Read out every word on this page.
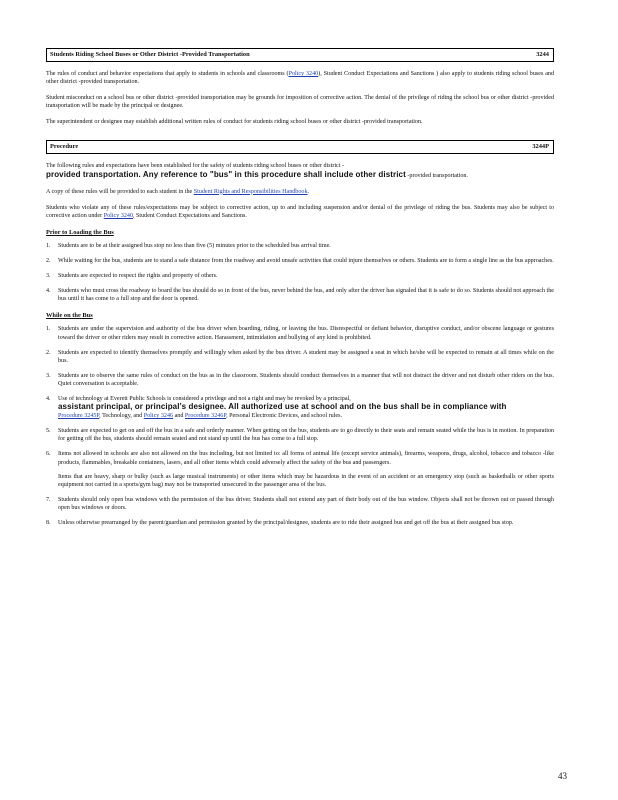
Students Riding School Buses or Other District -Provided Transportation	3244

The rules of conduct and behavior expectations that apply to students in schools and classrooms (Policy 3240), Student Conduct Expectations and Sanctions ) also apply to students riding school buses and other district -provided transportation.

Student misconduct on a school bus or other district -provided transportation may be grounds for imposition of corrective action. The denial of the privilege of riding the school bus or other district -provided transportation will be made by the principal or designee.

The superintendent or designee may establish additional written rules of conduct for students riding school buses or other district -provided transportation.

Procedure	3244P

The following rules and expectations have been established for the safety of students riding school buses or other district -
provided transportation. Any reference to "bus" in this procedure shall include other district -provided transportation.

A copy of these rules will be provided to each student in the Student Rights and Responsibilities Handbook.

Students who violate any of these rules/expectations may be subject to corrective action, up to and including suspension and/or denial of the privilege of riding the bus. Students may also be subject to corrective action under Policy 3240, Student Conduct Expectations and Sanctions.

Prior to Loading the Bus
1.	Students are to be at their assigned bus stop no less than five (5) minutes prior to the scheduled bus arrival time.
2.	While waiting for the bus, students are to stand a safe distance from the roadway and avoid unsafe activities that could injure themselves or others. Students are to form a single line as the bus approaches.
3.	Students are expected to respect the rights and property of others.
4.	Students who must cross the roadway to board the bus should do so in front of the bus, never behind the bus, and only after the driver has signaled that it is safe to do so. Students should not approach the bus until it has come to a full stop and the door is opened.
While on the Bus
1.	Students are under the supervision and authority of the bus driver when boarding, riding, or leaving the bus. Disrespectful or defiant behavior, disruptive conduct, and/or obscene language or gestures toward the driver or other riders may result in corrective action. Harassment, intimidation and bullying of any kind is prohibited.
2.	Students are expected to identify themselves promptly and willingly when asked by the bus driver. A student may be assigned a seat in which he/she will be expected to remain at all times while on the bus.
3.	Students are to observe the same rules of conduct on the bus as in the classroom. Students should conduct themselves in a manner that will not distract the driver and not disturb other riders on the bus. Quiet conversation is acceptable.
4.	Use of technology at Everett Public Schools is considered a privilege and not a right and may be revoked by a principal,
assistant principal, or principal’s designee. All authorized use at school and on the bus shall be in compliance with
Procedure 3245P, Technology, and Policy 3246 and Procedure 3246P, Personal Electronic Devices, and school rules.
5.	Students are expected to get on and off the bus in a safe and orderly manner. When getting on the bus, students are to go directly to their seats and remain seated while the bus is in motion. In preparation for getting off the bus, students should remain seated and not stand up until the bus has come to a full stop.
6.	Items not allowed in schools are also not allowed on the bus including, but not limited to: all forms of animal life (except service animals), firearms, weapons, drugs, alcohol, tobacco and tobacco -like products, flammables, breakable containers, lasers, and all other items which could adversely affect the safety of the bus and passengers.
Items that are heavy, sharp or bulky (such as large musical instruments) or other items which may be hazardous in the event of an accident or an emergency stop (such as basketballs or other sports equipment not carried in a sports/gym bag) may not be transported unsecured in the passenger area of the bus.
7.	Students should only open bus windows with the permission of the bus driver. Students shall not extend any part of their body out of the bus window. Objects shall not be thrown out or passed through open bus windows or doors.
8.	Unless otherwise prearranged by the parent/guardian and permission granted by the principal/designee, students are to ride their assigned bus and get off the bus at their assigned bus stop.
43
